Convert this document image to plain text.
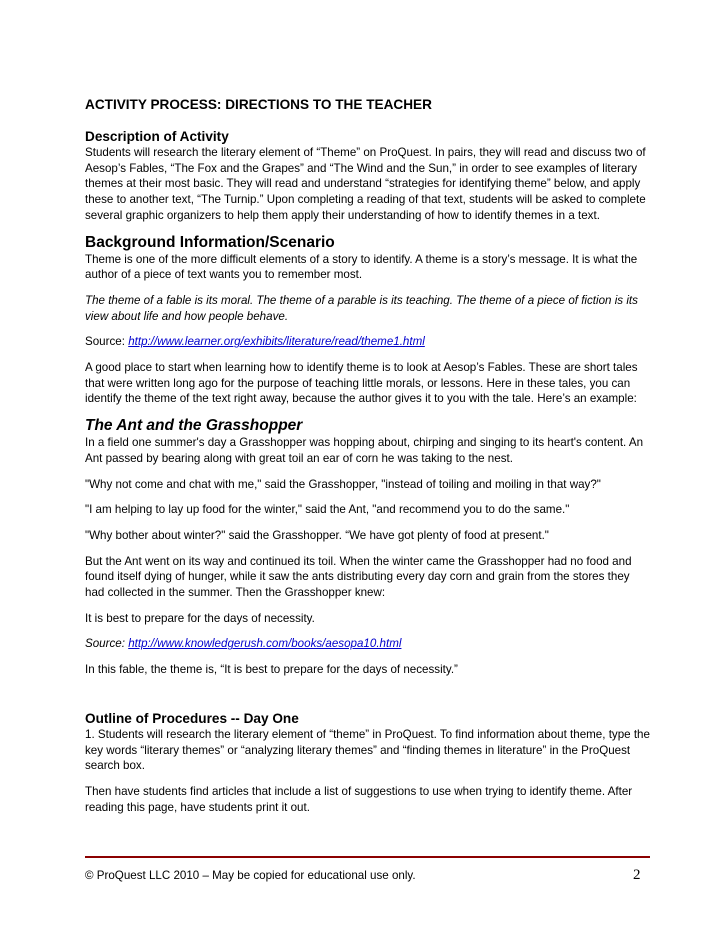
ACTIVITY PROCESS: DIRECTIONS TO THE TEACHER
Description of Activity

Students will research the literary element of “Theme” on ProQuest. In pairs, they will read and discuss two of Aesop’s Fables, “The Fox and the Grapes” and “The Wind and the Sun,” in order to see examples of literary themes at their most basic. They will read and understand “strategies for identifying theme” below, and apply these to another text, “The Turnip.” Upon completing a reading of that text, students will be asked to complete several graphic organizers to help them apply their understanding of how to identify themes in a text.

Background Information/Scenario

Theme is one of the more difficult elements of a story to identify. A theme is a story’s message. It is what the author of a piece of text wants you to remember most.

The theme of a fable is its moral. The theme of a parable is its teaching. The theme of a piece of fiction is its view about life and how people behave.

Source: http://www.learner.org/exhibits/literature/read/theme1.html

A good place to start when learning how to identify theme is to look at Aesop’s Fables. These are short tales that were written long ago for the purpose of teaching little morals, or lessons. Here in these tales, you can identify the theme of the text right away, because the author gives it to you with the tale. Here’s an example:

The Ant and the Grasshopper

In a field one summer's day a Grasshopper was hopping about, chirping and singing to its heart's content. An Ant passed by bearing along with great toil an ear of corn he was taking to the nest.

"Why not come and chat with me," said the Grasshopper, "instead of toiling and moiling in that way?"

"I am helping to lay up food for the winter," said the Ant, "and recommend you to do the same."

"Why bother about winter?" said the Grasshopper. “We have got plenty of food at present."

But the Ant went on its way and continued its toil. When the winter came the Grasshopper had no food and found itself dying of hunger, while it saw the ants distributing every day corn and grain from the stores they had collected in the summer. Then the Grasshopper knew:

It is best to prepare for the days of necessity.

Source: http://www.knowledgerush.com/books/aesopa10.html

In this fable, the theme is, “It is best to prepare for the days of necessity.”

Outline of Procedures -- Day One

1. Students will research the literary element of “theme” in ProQuest. To find information about theme, type the key words “literary themes” or “analyzing literary themes” and “finding themes in literature” in the ProQuest search box.

Then have students find articles that include a list of suggestions to use when trying to identify theme. After reading this page, have students print it out.

© ProQuest LLC 2010 – May be copied for educational use only.	2
